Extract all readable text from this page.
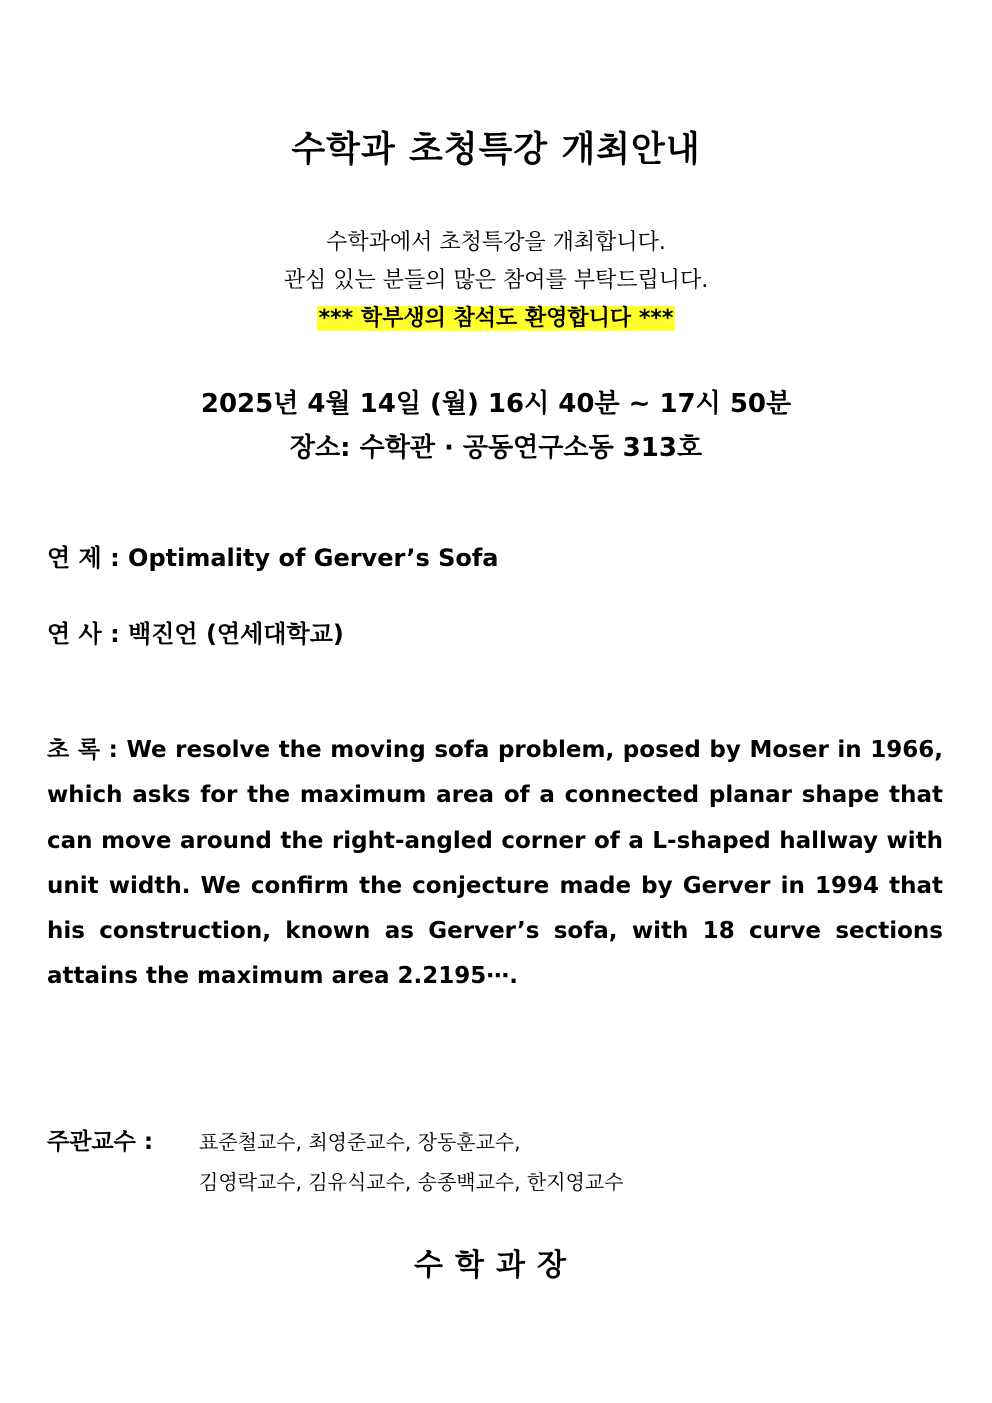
수학과 초청특강 개최안내
수학과에서 초청특강을 개최합니다.
관심 있는 분들의 많은 참여를 부탁드립니다.
*** 학부생의 참석도 환영합니다 ***
2025년 4월 14일 (월) 16시 40분 ~ 17시 50분
장소: 수학관 · 공동연구소동 313호
연 제 : Optimality of Gerver’s Sofa
연 사 : 백진언 (연세대학교)
초 록 : We resolve the moving sofa problem, posed by Moser in 1966, which asks for the maximum area of a connected planar shape that can move around the right-angled corner of a L-shaped hallway with unit width. We confirm the conjecture made by Gerver in 1994 that his construction, known as Gerver’s sofa, with 18 curve sections attains the maximum area 2.2195⋯.
주관교수 : 표준철교수, 최영준교수, 장동훈교수,
김영락교수, 김유식교수, 송종백교수, 한지영교수
수학과장
